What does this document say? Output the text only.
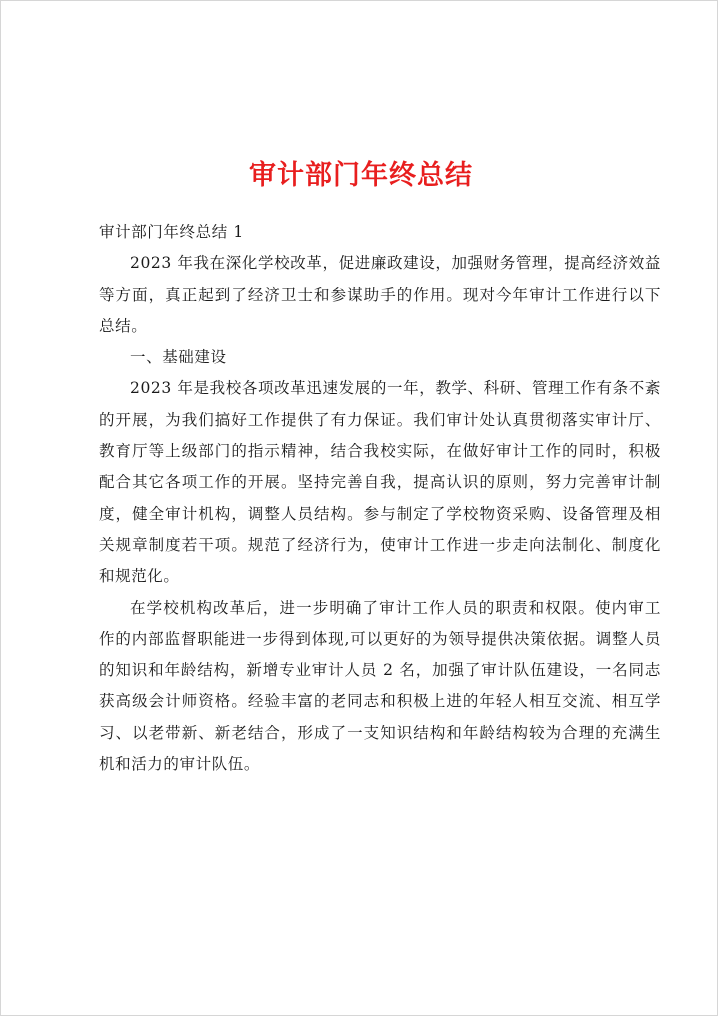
审计部门年终总结

审计部门年终总结 1

2023 年我在深化学校改革，促进廉政建设，加强财务管理，提高经济效益等方面，真正起到了经济卫士和参谋助手的作用。现对今年审计工作进行以下总结。

一、基础建设

2023 年是我校各项改革迅速发展的一年，教学、科研、管理工作有条不紊的开展，为我们搞好工作提供了有力保证。我们审计处认真贯彻落实审计厅、教育厅等上级部门的指示精神，结合我校实际，在做好审计工作的同时，积极配合其它各项工作的开展。坚持完善自我，提高认识的原则，努力完善审计制度，健全审计机构，调整人员结构。参与制定了学校物资采购、设备管理及相关规章制度若干项。规范了经济行为，使审计工作进一步走向法制化、制度化和规范化。

在学校机构改革后，进一步明确了审计工作人员的职责和权限。使内审工作的内部监督职能进一步得到体现,可以更好的为领导提供决策依据。调整人员的知识和年龄结构，新增专业审计人员 2 名，加强了审计队伍建设，一名同志获高级会计师资格。经验丰富的老同志和积极上进的年轻人相互交流、相互学习、以老带新、新老结合，形成了一支知识结构和年龄结构较为合理的充满生机和活力的审计队伍。
